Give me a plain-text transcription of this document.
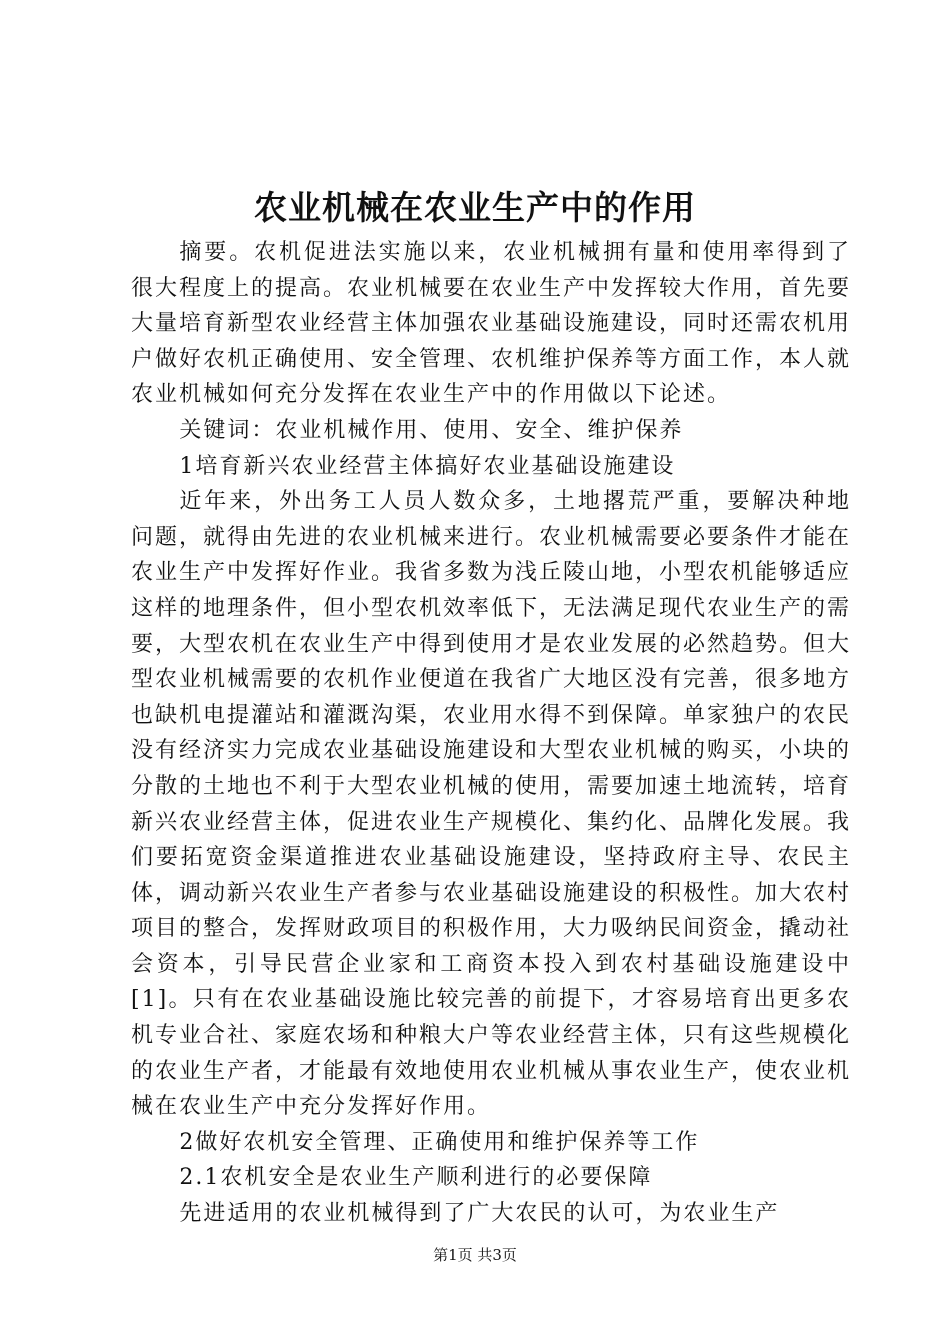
农业机械在农业生产中的作用

摘要。农机促进法实施以来，农业机械拥有量和使用率得到了很大程度上的提高。农业机械要在农业生产中发挥较大作用，首先要大量培育新型农业经营主体加强农业基础设施建设，同时还需农机用户做好农机正确使用、安全管理、农机维护保养等方面工作，本人就农业机械如何充分发挥在农业生产中的作用做以下论述。

关键词：农业机械作用、使用、安全、维护保养

1培育新兴农业经营主体搞好农业基础设施建设

近年来，外出务工人员人数众多，土地撂荒严重，要解决种地问题，就得由先进的农业机械来进行。农业机械需要必要条件才能在农业生产中发挥好作业。我省多数为浅丘陵山地，小型农机能够适应这样的地理条件，但小型农机效率低下，无法满足现代农业生产的需要，大型农机在农业生产中得到使用才是农业发展的必然趋势。但大型农业机械需要的农机作业便道在我省广大地区没有完善，很多地方也缺机电提灌站和灌溉沟渠，农业用水得不到保障。单家独户的农民没有经济实力完成农业基础设施建设和大型农业机械的购买，小块的分散的土地也不利于大型农业机械的使用，需要加速土地流转，培育新兴农业经营主体，促进农业生产规模化、集约化、品牌化发展。我们要拓宽资金渠道推进农业基础设施建设，坚持政府主导、农民主体，调动新兴农业生产者参与农业基础设施建设的积极性。加大农村项目的整合，发挥财政项目的积极作用，大力吸纳民间资金，撬动社会资本，引导民营企业家和工商资本投入到农村基础设施建设中[1]。只有在农业基础设施比较完善的前提下，才容易培育出更多农机专业合社、家庭农场和种粮大户等农业经营主体，只有这些规模化的农业生产者，才能最有效地使用农业机械从事农业生产，使农业机械在农业生产中充分发挥好作用。

2做好农机安全管理、正确使用和维护保养等工作

2.1农机安全是农业生产顺利进行的必要保障

先进适用的农业机械得到了广大农民的认可，为农业生产

第1页 共3页
